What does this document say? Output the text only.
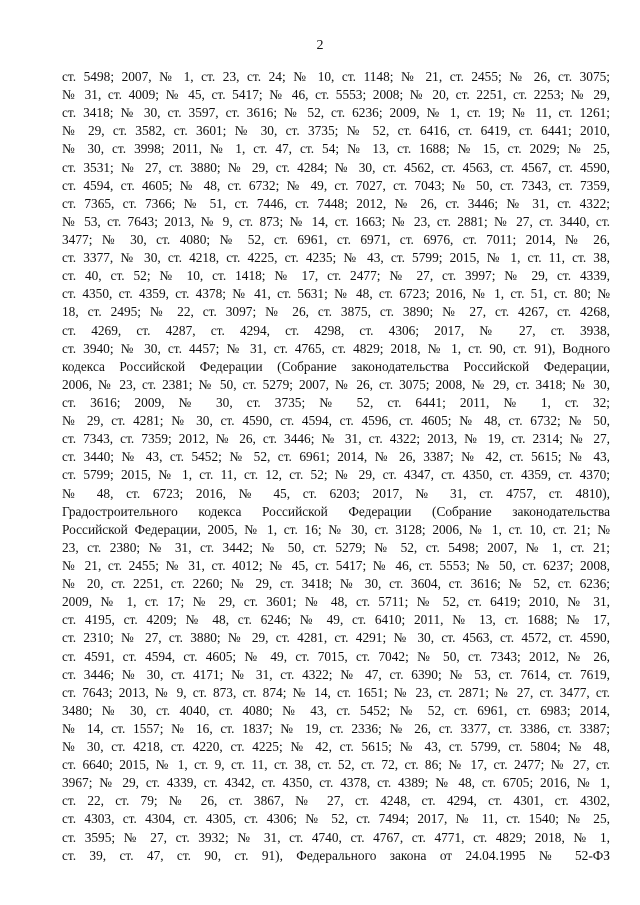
2
ст. 5498; 2007, № 1, ст. 23, ст. 24; № 10, ст. 1148; № 21, ст. 2455; № 26, ст. 3075;
№ 31, ст. 4009; № 45, ст. 5417; № 46, ст. 5553; 2008; № 20, ст. 2251, ст. 2253; № 29,
ст. 3418; № 30, ст. 3597, ст. 3616; № 52, ст. 6236; 2009, № 1, ст. 19; № 11, ст. 1261;
№ 29, ст. 3582, ст. 3601; № 30, ст. 3735; № 52, ст. 6416, ст. 6419, ст. 6441; 2010,
№ 30, ст. 3998; 2011, № 1, ст. 47, ст. 54; № 13, ст. 1688; № 15, ст. 2029; № 25,
ст. 3531; № 27, ст. 3880; № 29, ст. 4284; № 30, ст. 4562, ст. 4563, ст. 4567, ст. 4590,
ст. 4594, ст. 4605; № 48, ст. 6732; № 49, ст. 7027, ст. 7043; № 50, ст. 7343, ст. 7359,
ст. 7365, ст. 7366; № 51, ст. 7446, ст. 7448; 2012, № 26, ст. 3446; № 31, ст. 4322;
№ 53, ст. 7643; 2013, № 9, ст. 873; № 14, ст. 1663; № 23, ст. 2881; № 27, ст. 3440, ст.
3477; № 30, ст. 4080; № 52, ст. 6961, ст. 6971, ст. 6976, ст. 7011; 2014, № 26,
ст. 3377, № 30, ст. 4218, ст. 4225, ст. 4235; № 43, ст. 5799; 2015, № 1, ст. 11, ст. 38,
ст. 40, ст. 52; № 10, ст. 1418; № 17, ст. 2477; № 27, ст. 3997; № 29, ст. 4339,
ст. 4350, ст. 4359, ст. 4378; № 41, ст. 5631; № 48, ст. 6723; 2016, № 1, ст. 51, ст. 80; №
18, ст. 2495; № 22, ст. 3097; № 26, ст. 3875, ст. 3890; № 27, ст. 4267, ст. 4268,
ст. 4269, ст. 4287, ст. 4294, ст. 4298, ст. 4306; 2017, № 27, ст. 3938,
ст. 3940; № 30, ст. 4457; № 31, ст. 4765, ст. 4829; 2018, № 1, ст. 90, ст. 91), Водного
кодекса Российской Федерации (Собрание законодательства Российской Федерации,
2006, № 23, ст. 2381; № 50, ст. 5279; 2007, № 26, ст. 3075; 2008, № 29, ст. 3418; № 30,
ст. 3616; 2009, № 30, ст. 3735; № 52, ст. 6441; 2011, № 1, ст. 32;
№ 29, ст. 4281; № 30, ст. 4590, ст. 4594, ст. 4596, ст. 4605; № 48, ст. 6732; № 50,
ст. 7343, ст. 7359; 2012, № 26, ст. 3446; № 31, ст. 4322; 2013, № 19, ст. 2314; № 27,
ст. 3440; № 43, ст. 5452; № 52, ст. 6961; 2014, № 26, 3387; № 42, ст. 5615; № 43,
ст. 5799; 2015, № 1, ст. 11, ст. 12, ст. 52; № 29, ст. 4347, ст. 4350, ст. 4359, ст. 4370;
№ 48, ст. 6723; 2016, № 45, ст. 6203; 2017, № 31, ст. 4757, ст. 4810),
Градостроительного кодекса Российской Федерации (Собрание законодательства
Российской Федерации, 2005, № 1, ст. 16; № 30, ст. 3128; 2006, № 1, ст. 10, ст. 21; №
23, ст. 2380; № 31, ст. 3442; № 50, ст. 5279; № 52, ст. 5498; 2007, № 1, ст. 21;
№ 21, ст. 2455; № 31, ст. 4012; № 45, ст. 5417; № 46, ст. 5553; № 50, ст. 6237; 2008,
№ 20, ст. 2251, ст. 2260; № 29, ст. 3418; № 30, ст. 3604, ст. 3616; № 52, ст. 6236;
2009, № 1, ст. 17; № 29, ст. 3601; № 48, ст. 5711; № 52, ст. 6419; 2010, № 31,
ст. 4195, ст. 4209; № 48, ст. 6246; № 49, ст. 6410; 2011, № 13, ст. 1688; № 17,
ст. 2310; № 27, ст. 3880; № 29, ст. 4281, ст. 4291; № 30, ст. 4563, ст. 4572, ст. 4590,
ст. 4591, ст. 4594, ст. 4605; № 49, ст. 7015, ст. 7042; № 50, ст. 7343; 2012, № 26,
ст. 3446; № 30, ст. 4171; № 31, ст. 4322; № 47, ст. 6390; № 53, ст. 7614, ст. 7619,
ст. 7643; 2013, № 9, ст. 873, ст. 874; № 14, ст. 1651; № 23, ст. 2871; № 27, ст. 3477, ст.
3480; № 30, ст. 4040, ст. 4080; № 43, ст. 5452; № 52, ст. 6961, ст. 6983; 2014,
№ 14, ст. 1557; № 16, ст. 1837; № 19, ст. 2336; № 26, ст. 3377, ст. 3386, ст. 3387;
№ 30, ст. 4218, ст. 4220, ст. 4225; № 42, ст. 5615; № 43, ст. 5799, ст. 5804; № 48,
ст. 6640; 2015, № 1, ст. 9, ст. 11, ст. 38, ст. 52, ст. 72, ст. 86; № 17, ст. 2477; № 27, ст.
3967; № 29, ст. 4339, ст. 4342, ст. 4350, ст. 4378, ст. 4389; № 48, ст. 6705; 2016, № 1,
ст. 22, ст. 79; № 26, ст. 3867, № 27, ст. 4248, ст. 4294, ст. 4301, ст. 4302,
ст. 4303, ст. 4304, ст. 4305, ст. 4306; № 52, ст. 7494; 2017, № 11, ст. 1540; № 25,
ст. 3595; № 27, ст. 3932; № 31, ст. 4740, ст. 4767, ст. 4771, ст. 4829; 2018, № 1,
ст. 39, ст. 47, ст. 90, ст. 91), Федерального закона от 24.04.1995 № 52-ФЗ
